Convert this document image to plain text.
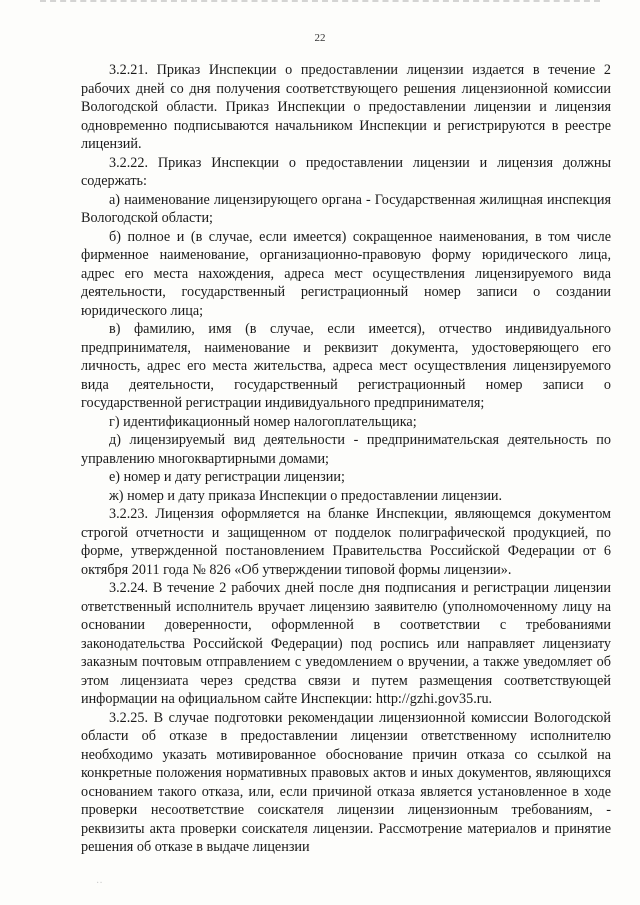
22

3.2.21. Приказ Инспекции о предоставлении лицензии издается в течение 2 рабочих дней со дня получения соответствующего решения лицензионной комиссии Вологодской области. Приказ Инспекции о предоставлении лицензии и лицензия одновременно подписываются начальником Инспекции и регистрируются в реестре лицензий.

3.2.22. Приказ Инспекции о предоставлении лицензии и лицензия должны содержать:

а) наименование лицензирующего органа - Государственная жилищная инспекция Вологодской области;

б) полное и (в случае, если имеется) сокращенное наименования, в том числе фирменное наименование, организационно-правовую форму юридического лица, адрес его места нахождения, адреса мест осуществления лицензируемого вида деятельности, государственный регистрационный номер записи о создании юридического лица;

в) фамилию, имя (в случае, если имеется), отчество индивидуального предпринимателя, наименование и реквизит документа, удостоверяющего его личность, адрес его места жительства, адреса мест осуществления лицензируемого вида деятельности, государственный регистрационный номер записи о государственной регистрации индивидуального предпринимателя;

г) идентификационный номер налогоплательщика;

д) лицензируемый вид деятельности - предпринимательская деятельность по управлению многоквартирными домами;

е) номер и дату регистрации лицензии;

ж) номер и дату приказа Инспекции о предоставлении лицензии.

3.2.23. Лицензия оформляется на бланке Инспекции, являющемся документом строгой отчетности и защищенном от подделок полиграфической продукцией, по форме, утвержденной постановлением Правительства Российской Федерации от 6 октября 2011 года № 826 «Об утверждении типовой формы лицензии».

3.2.24. В течение 2 рабочих дней после дня подписания и регистрации лицензии ответственный исполнитель вручает лицензию заявителю (уполномоченному лицу на основании доверенности, оформленной в соответствии с требованиями законодательства Российской Федерации) под роспись или направляет лицензиату заказным почтовым отправлением с уведомлением о вручении, а также уведомляет об этом лицензиата через средства связи и путем размещения соответствующей информации на официальном сайте Инспекции: http://gzhi.gov35.ru.

3.2.25. В случае подготовки рекомендации лицензионной комиссии Вологодской области об отказе в предоставлении лицензии ответственному исполнителю необходимо указать мотивированное обоснование причин отказа со ссылкой на конкретные положения нормативных правовых актов и иных документов, являющихся основанием такого отказа, или, если причиной отказа является установленное в ходе проверки несоответствие соискателя лицензии лицензионным требованиям, - реквизиты акта проверки соискателя лицензии. Рассмотрение материалов и принятие решения об отказе в выдаче лицензии

··
